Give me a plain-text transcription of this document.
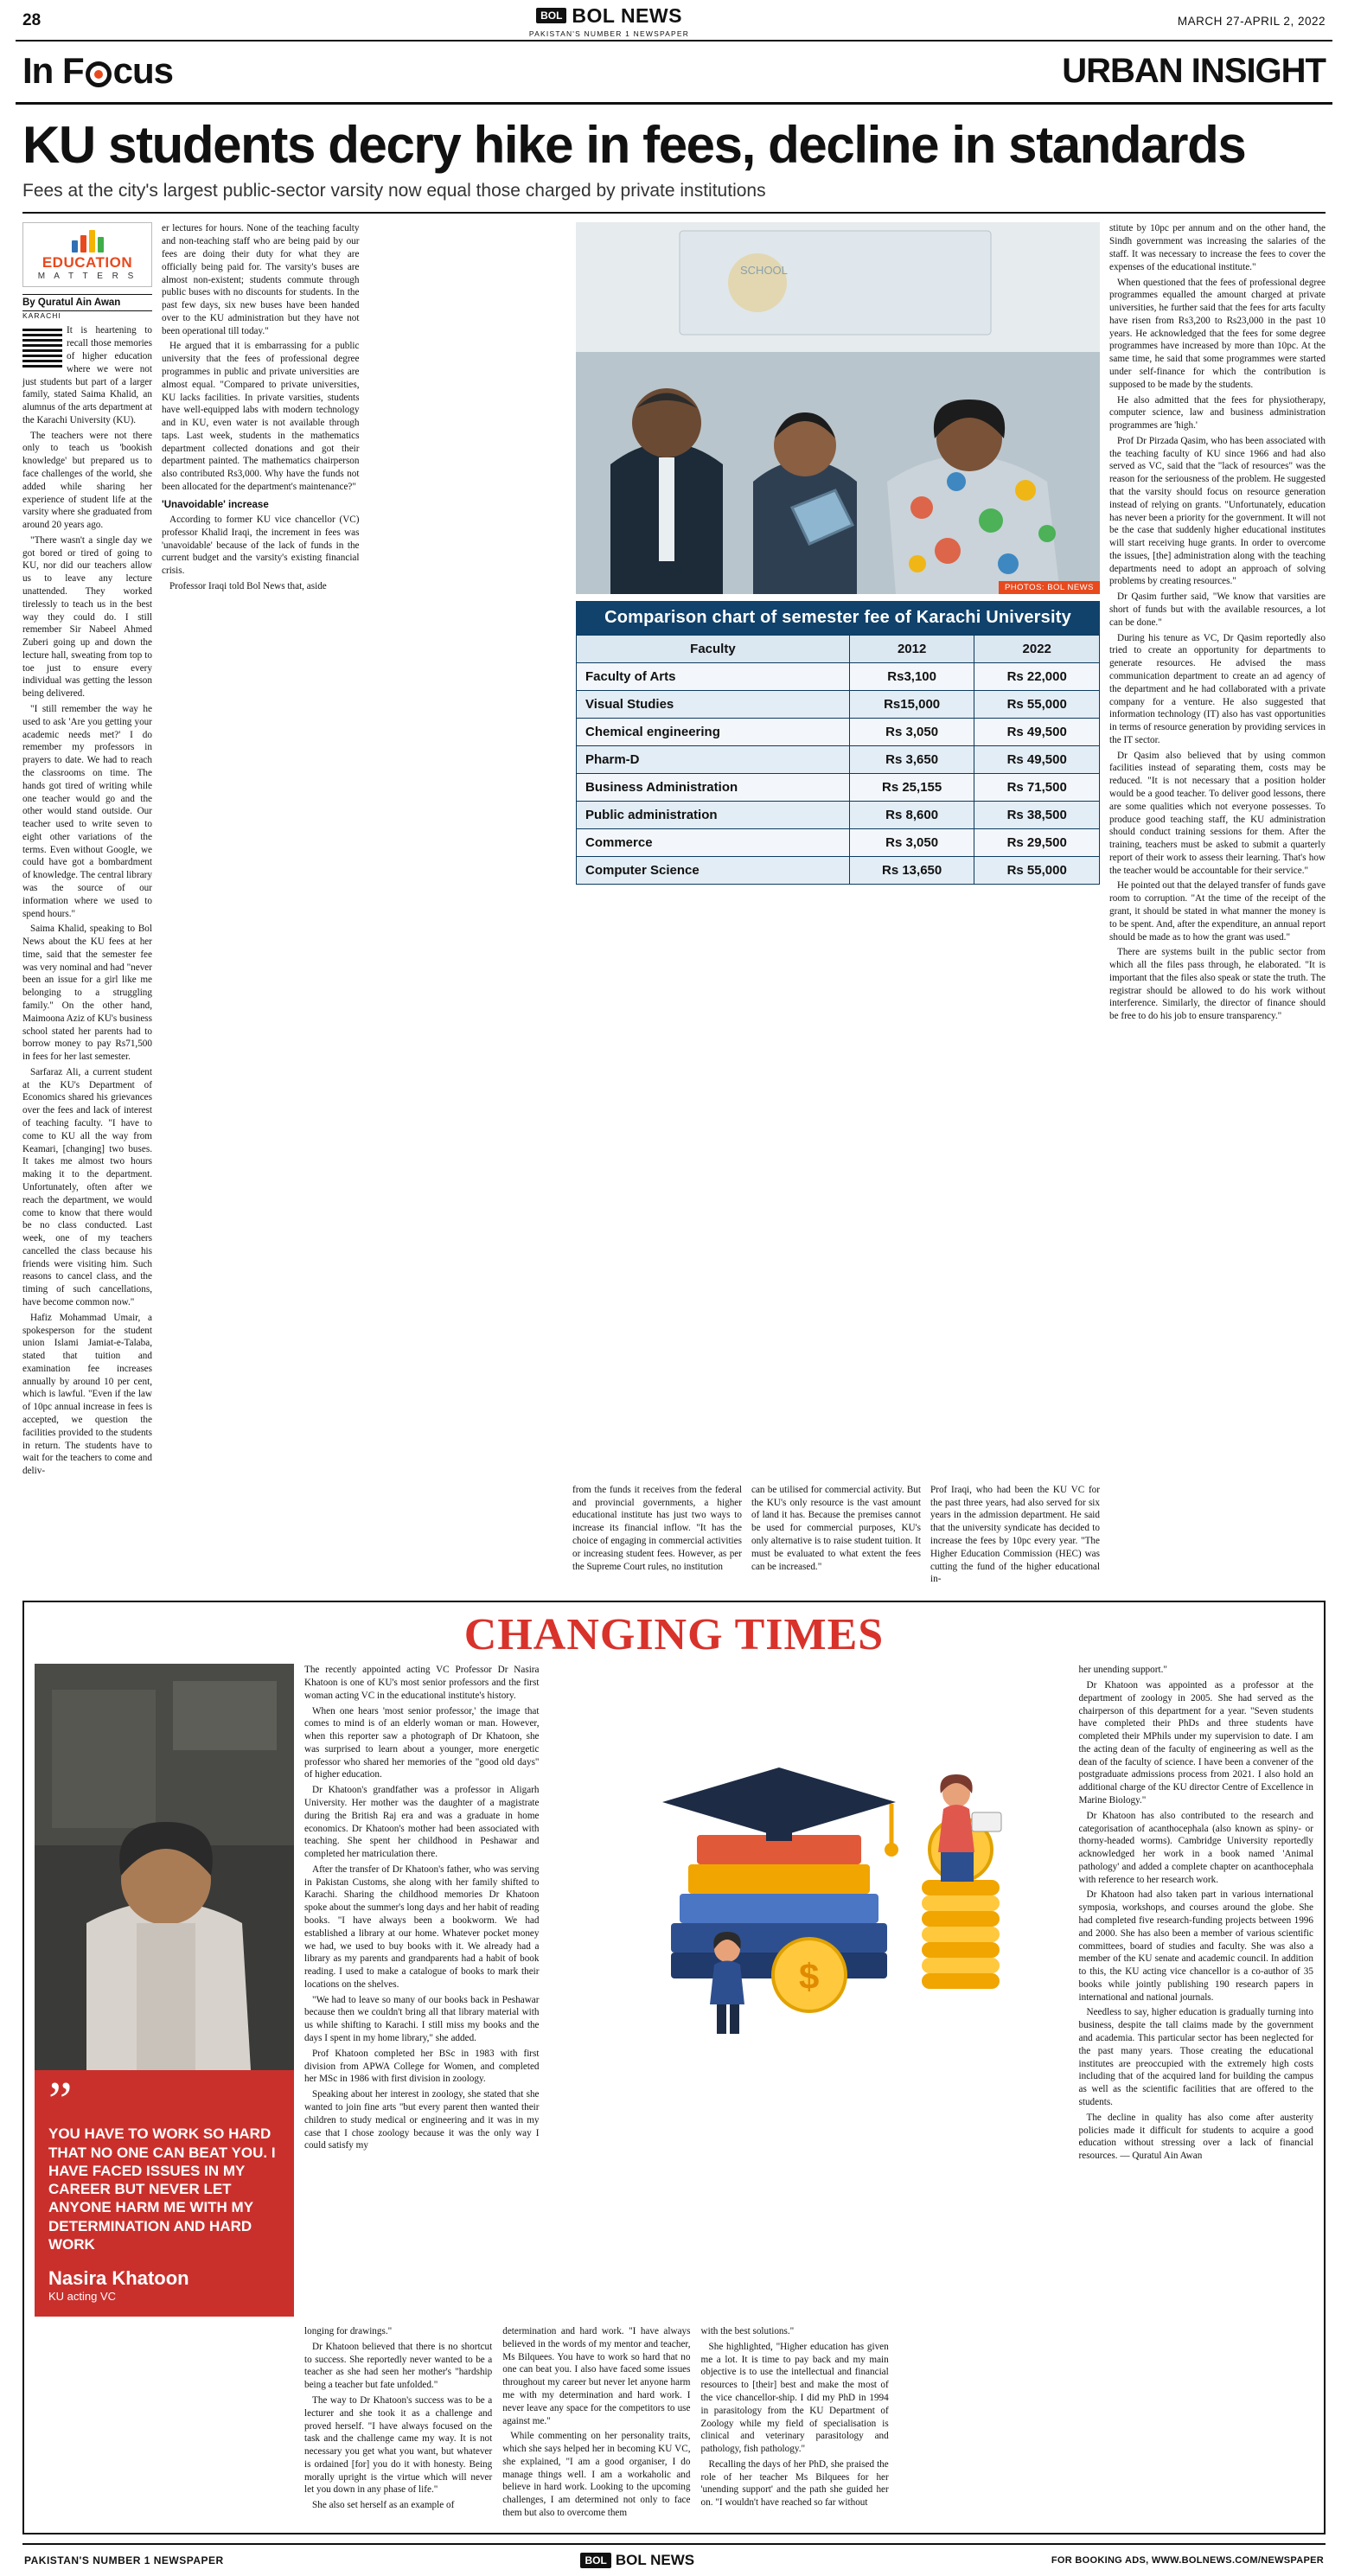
28	BOL BOL NEWS
PAKISTAN'S NUMBER 1 NEWSPAPER
MARCH 27-APRIL 2, 2022
In F cus	URBAN INSIGHT
KU students decry hike in fees, decline in standards
Fees at the city's largest public-sector varsity now equal those charged by private institutions
EDUCATION
M A T T E R S
By Quratul Ain Awan
KARACHI

It is heartening to recall those memories of higher education where we were not just students but part of a larger family, stated Saima Khalid, an alumnus of the arts department at the Karachi University (KU).

The teachers were not there only to teach us 'bookish knowledge' but prepared us to face challenges of the world, she added while sharing her experience of student life at the varsity where she graduated from around 20 years ago.

"There wasn't a single day we got bored or tired of going to KU, nor did our teachers allow us to leave any lecture unattended. They worked tirelessly to teach us in the best way they could do. I still remember Sir Nabeel Ahmed Zuberi going up and down the lecture hall, sweating from top to toe just to ensure every individual was getting the lesson being delivered.

"I still remember the way he used to ask 'Are you getting your academic needs met?' I do remember my professors in prayers to date. We had to reach the classrooms on time. The hands got tired of writing while one teacher would go and the other would stand outside. Our teacher used to write seven to eight other variations of the terms. Even without Google, we could have got a bombardment of knowledge. The central library was the source of our information where we used to spend hours."

Saima Khalid, speaking to Bol News about the KU fees at her time, said that the semester fee was very nominal and had "never been an issue for a girl like me belonging to a struggling family." On the other hand, Maimoona Aziz of KU's business school stated her parents had to borrow money to pay Rs71,500 in fees for her last semester.

Sarfaraz Ali, a current student at the KU's Department of Economics shared his grievances over the fees and lack of interest of teaching faculty. "I have to come to KU all the way from Keamari, [changing] two buses. It takes me almost two hours making it to the department. Unfortunately, often after we reach the department, we would come to know that there would be no class conducted. Last week, one of my teachers cancelled the class because his friends were visiting him. Such reasons to cancel class, and the timing of such cancellations, have become common now."

Hafiz Mohammad Umair, a spokesperson for the student union Islami Jamiat-e-Talaba, stated that tuition and examination fee increases annually by around 10 per cent, which is lawful. "Even if the law of 10pc annual increase in fees is accepted, we question the facilities provided to the students in return. The students have to wait for the teachers to come and deliv-

er lectures for hours. None of the teaching faculty and non-teaching staff who are being paid by our fees are doing their duty for what they are officially being paid for. The varsity's buses are almost non-existent; students commute through public buses with no discounts for students. In the past few days, six new buses have been handed over to the KU administration but they have not been operational till today."

He argued that it is embarrassing for a public university that the fees of professional degree programmes in public and private universities are almost equal. "Compared to private universities, KU lacks facilities. In private varsities, students have well-equipped labs with modern technology and in KU, even water is not available through taps. Last week, students in the mathematics department collected donations and got their department painted. The mathematics chairperson also contributed Rs3,000. Why have the funds not been allocated for the department's maintenance?"

'Unavoidable' increase

According to former KU vice chancellor (VC) professor Khalid Iraqi, the increment in fees was 'unavoidable' because of the lack of funds in the current budget and the varsity's existing financial crisis.

Professor Iraqi told Bol News that, aside

SCHOOL
PHOTOS: BOL NEWS
Comparison chart of semester fee of Karachi University
Faculty	2012	2022
Faculty of Arts	Rs3,100	Rs 22,000
Visual Studies	Rs15,000	Rs 55,000
Chemical engineering	Rs 3,050	Rs 49,500
Pharm-D	Rs 3,650	Rs 49,500
Business Administration	Rs 25,155	Rs 71,500
Public administration	Rs 8,600	Rs 38,500
Commerce	Rs 3,050	Rs 29,500
Computer Science	Rs 13,650	Rs 55,000

stitute by 10pc per annum and on the other hand, the Sindh government was increasing the salaries of the staff. It was necessary to increase the fees to cover the expenses of the educational institute."

When questioned that the fees of professional degree programmes equalled the amount charged at private universities, he further said that the fees for arts faculty have risen from Rs3,200 to Rs23,000 in the past 10 years. He acknowledged that the fees for some degree programmes have increased by more than 10pc. At the same time, he said that some programmes were started under self-finance for which the contribution is supposed to be made by the students.

He also admitted that the fees for physiotherapy, computer science, law and business administration programmes are 'high.'

Prof Dr Pirzada Qasim, who has been associated with the teaching faculty of KU since 1966 and had also served as VC, said that the "lack of resources" was the reason for the seriousness of the problem. He suggested that the varsity should focus on resource generation instead of relying on grants. "Unfortunately, education has never been a priority for the government. It will not be the case that suddenly higher educational institutes will start receiving huge grants. In order to overcome the issues, [the] administration along with the teaching departments need to adopt an approach of solving problems by creating resources."

Dr Qasim further said, "We know that varsities are short of funds but with the available resources, a lot can be done."

During his tenure as VC, Dr Qasim reportedly also tried to create an opportunity for departments to generate resources. He advised the mass communication department to create an ad agency of the department and he had collaborated with a private company for a venture. He also suggested that information technology (IT) also has vast opportunities in terms of resource generation by providing services in the IT sector.

Dr Qasim also believed that by using common facilities instead of separating them, costs may be reduced. "It is not necessary that a position holder would be a good teacher. To deliver good lessons, there are some qualities which not everyone possesses. To produce good teaching staff, the KU administration should conduct training sessions for them. After the training, teachers must be asked to submit a quarterly report of their work to assess their learning. That's how the teacher would be accountable for their service."

He pointed out that the delayed transfer of funds gave room to corruption. "At the time of the receipt of the grant, it should be stated in what manner the money is to be spent. And, after the expenditure, an annual report should be made as to how the grant was used."

There are systems built in the public sector from which all the files pass through, he elaborated. "It is important that the files also speak or state the truth. The registrar should be allowed to do his work without interference. Similarly, the director of finance should be free to do his job to ensure transparency."

from the funds it receives from the federal and provincial governments, a higher educational institute has just two ways to increase its financial inflow. "It has the choice of engaging in commercial activities or increasing student fees. However, as per the Supreme Court rules, no institution

can be utilised for commercial activity. But the KU's only resource is the vast amount of land it has. Because the premises cannot be used for commercial purposes, KU's only alternative is to raise student tuition. It must be evaluated to what extent the fees can be increased."

Prof Iraqi, who had been the KU VC for the past three years, had also served for six years in the admission department. He said that the university syndicate has decided to increase the fees by 10pc every year. "The Higher Education Commission (HEC) was cutting the fund of the higher educational in-

CHANGING TIMES
”
YOU HAVE TO WORK SO HARD THAT NO ONE CAN BEAT YOU. I HAVE FACED ISSUES IN MY CAREER BUT NEVER LET ANYONE HARM ME WITH MY DETERMINATION AND HARD WORK
Nasira Khatoon
KU acting VC

The recently appointed acting VC Professor Dr Nasira Khatoon is one of KU's most senior professors and the first woman acting VC in the educational institute's history.

When one hears 'most senior professor,' the image that comes to mind is of an elderly woman or man. However, when this reporter saw a photograph of Dr Khatoon, she was surprised to learn about a younger, more energetic professor who shared her memories of the "good old days" of higher education.

Dr Khatoon's grandfather was a professor in Aligarh University. Her mother was the daughter of a magistrate during the British Raj era and was a graduate in home economics. Dr Khatoon's mother had been associated with teaching. She spent her childhood in Peshawar and completed her matriculation there.

After the transfer of Dr Khatoon's father, who was serving in Pakistan Customs, she along with her family shifted to Karachi. Sharing the childhood memories Dr Khatoon spoke about the summer's long days and her habit of reading books. "I have always been a bookworm. We had established a library at our home. Whatever pocket money we had, we used to buy books with it. We already had a library as my parents and grandparents had a habit of book reading. I used to make a catalogue of books to mark their locations on the shelves.

"We had to leave so many of our books back in Peshawar because then we couldn't bring all that library material with us while shifting to Karachi. I still miss my books and the days I spent in my home library," she added.

Prof Khatoon completed her BSc in 1983 with first division from APWA College for Women, and completed her MSc in 1986 with first division in zoology.

Speaking about her interest in zoology, she stated that she wanted to join fine arts "but every parent then wanted their children to study medical or engineering and it was in my case that I chose zoology because it was the only way I could satisfy my

$

her unending support."

Dr Khatoon was appointed as a professor at the department of zoology in 2005. She had served as the chairperson of this department for a year. "Seven students have completed their PhDs and three students have completed their MPhils under my supervision to date. I am the acting dean of the faculty of engineering as well as the dean of the faculty of science. I have been a convener of the postgraduate admissions process from 2021. I also hold an additional charge of the KU director Centre of Excellence in Marine Biology."

Dr Khatoon has also contributed to the research and categorisation of acanthocephala (also known as spiny- or thorny-headed worms). Cambridge University reportedly acknowledged her work in a book named 'Animal pathology' and added a complete chapter on acanthocephala with reference to her research work.

Dr Khatoon had also taken part in various international symposia, workshops, and courses around the globe. She had completed five research-funding projects between 1996 and 2000. She has also been a member of various scientific committees, board of studies and faculty. She was also a member of the KU senate and academic council. In addition to this, the KU acting vice chancellor is a co-author of 35 books while jointly publishing 190 research papers in international and national journals.

Needless to say, higher education is gradually turning into business, despite the tall claims made by the government and academia. This particular sector has been neglected for the past many years. Those creating the educational institutes are preoccupied with the extremely high costs including that of the acquired land for building the campus as well as the scientific facilities that are offered to the students.

The decline in quality has also come after austerity policies made it difficult for students to acquire a good education without stressing over a lack of financial resources. — Quratul Ain Awan

longing for drawings."

Dr Khatoon believed that there is no shortcut to success. She reportedly never wanted to be a teacher as she had seen her mother's "hardship being a teacher but fate unfolded."

The way to Dr Khatoon's success was to be a lecturer and she took it as a challenge and proved herself. "I have always focused on the task and the challenge came my way. It is not necessary you get what you want, but whatever is ordained [for] you do it with honesty. Being morally upright is the virtue which will never let you down in any phase of life."

She also set herself as an example of

determination and hard work. "I have always believed in the words of my mentor and teacher, Ms Bilquees. You have to work so hard that no one can beat you. I also have faced some issues throughout my career but never let anyone harm me with my determination and hard work. I never leave any space for the competitors to use against me."

While commenting on her personality traits, which she says helped her in becoming KU VC, she explained, "I am a good organiser, I do manage things well. I am a workaholic and believe in hard work. Looking to the upcoming challenges, I am determined not only to face them but also to overcome them

with the best solutions."

She highlighted, "Higher education has given me a lot. It is time to pay back and my main objective is to use the intellectual and financial resources to [their] best and make the most of the vice chancellor-ship. I did my PhD in 1994 in parasitology from the KU Department of Zoology while my field of specialisation is clinical and veterinary parasitology and pathology, fish pathology."

Recalling the days of her PhD, she praised the role of her teacher Ms Bilquees for her 'unending support' and the path she guided her on. "I wouldn't have reached so far without

PAKISTAN'S NUMBER 1 NEWSPAPER	BOL BOL NEWS	FOR BOOKING ADS, WWW.BOLNEWS.COM/NEWSPAPER
